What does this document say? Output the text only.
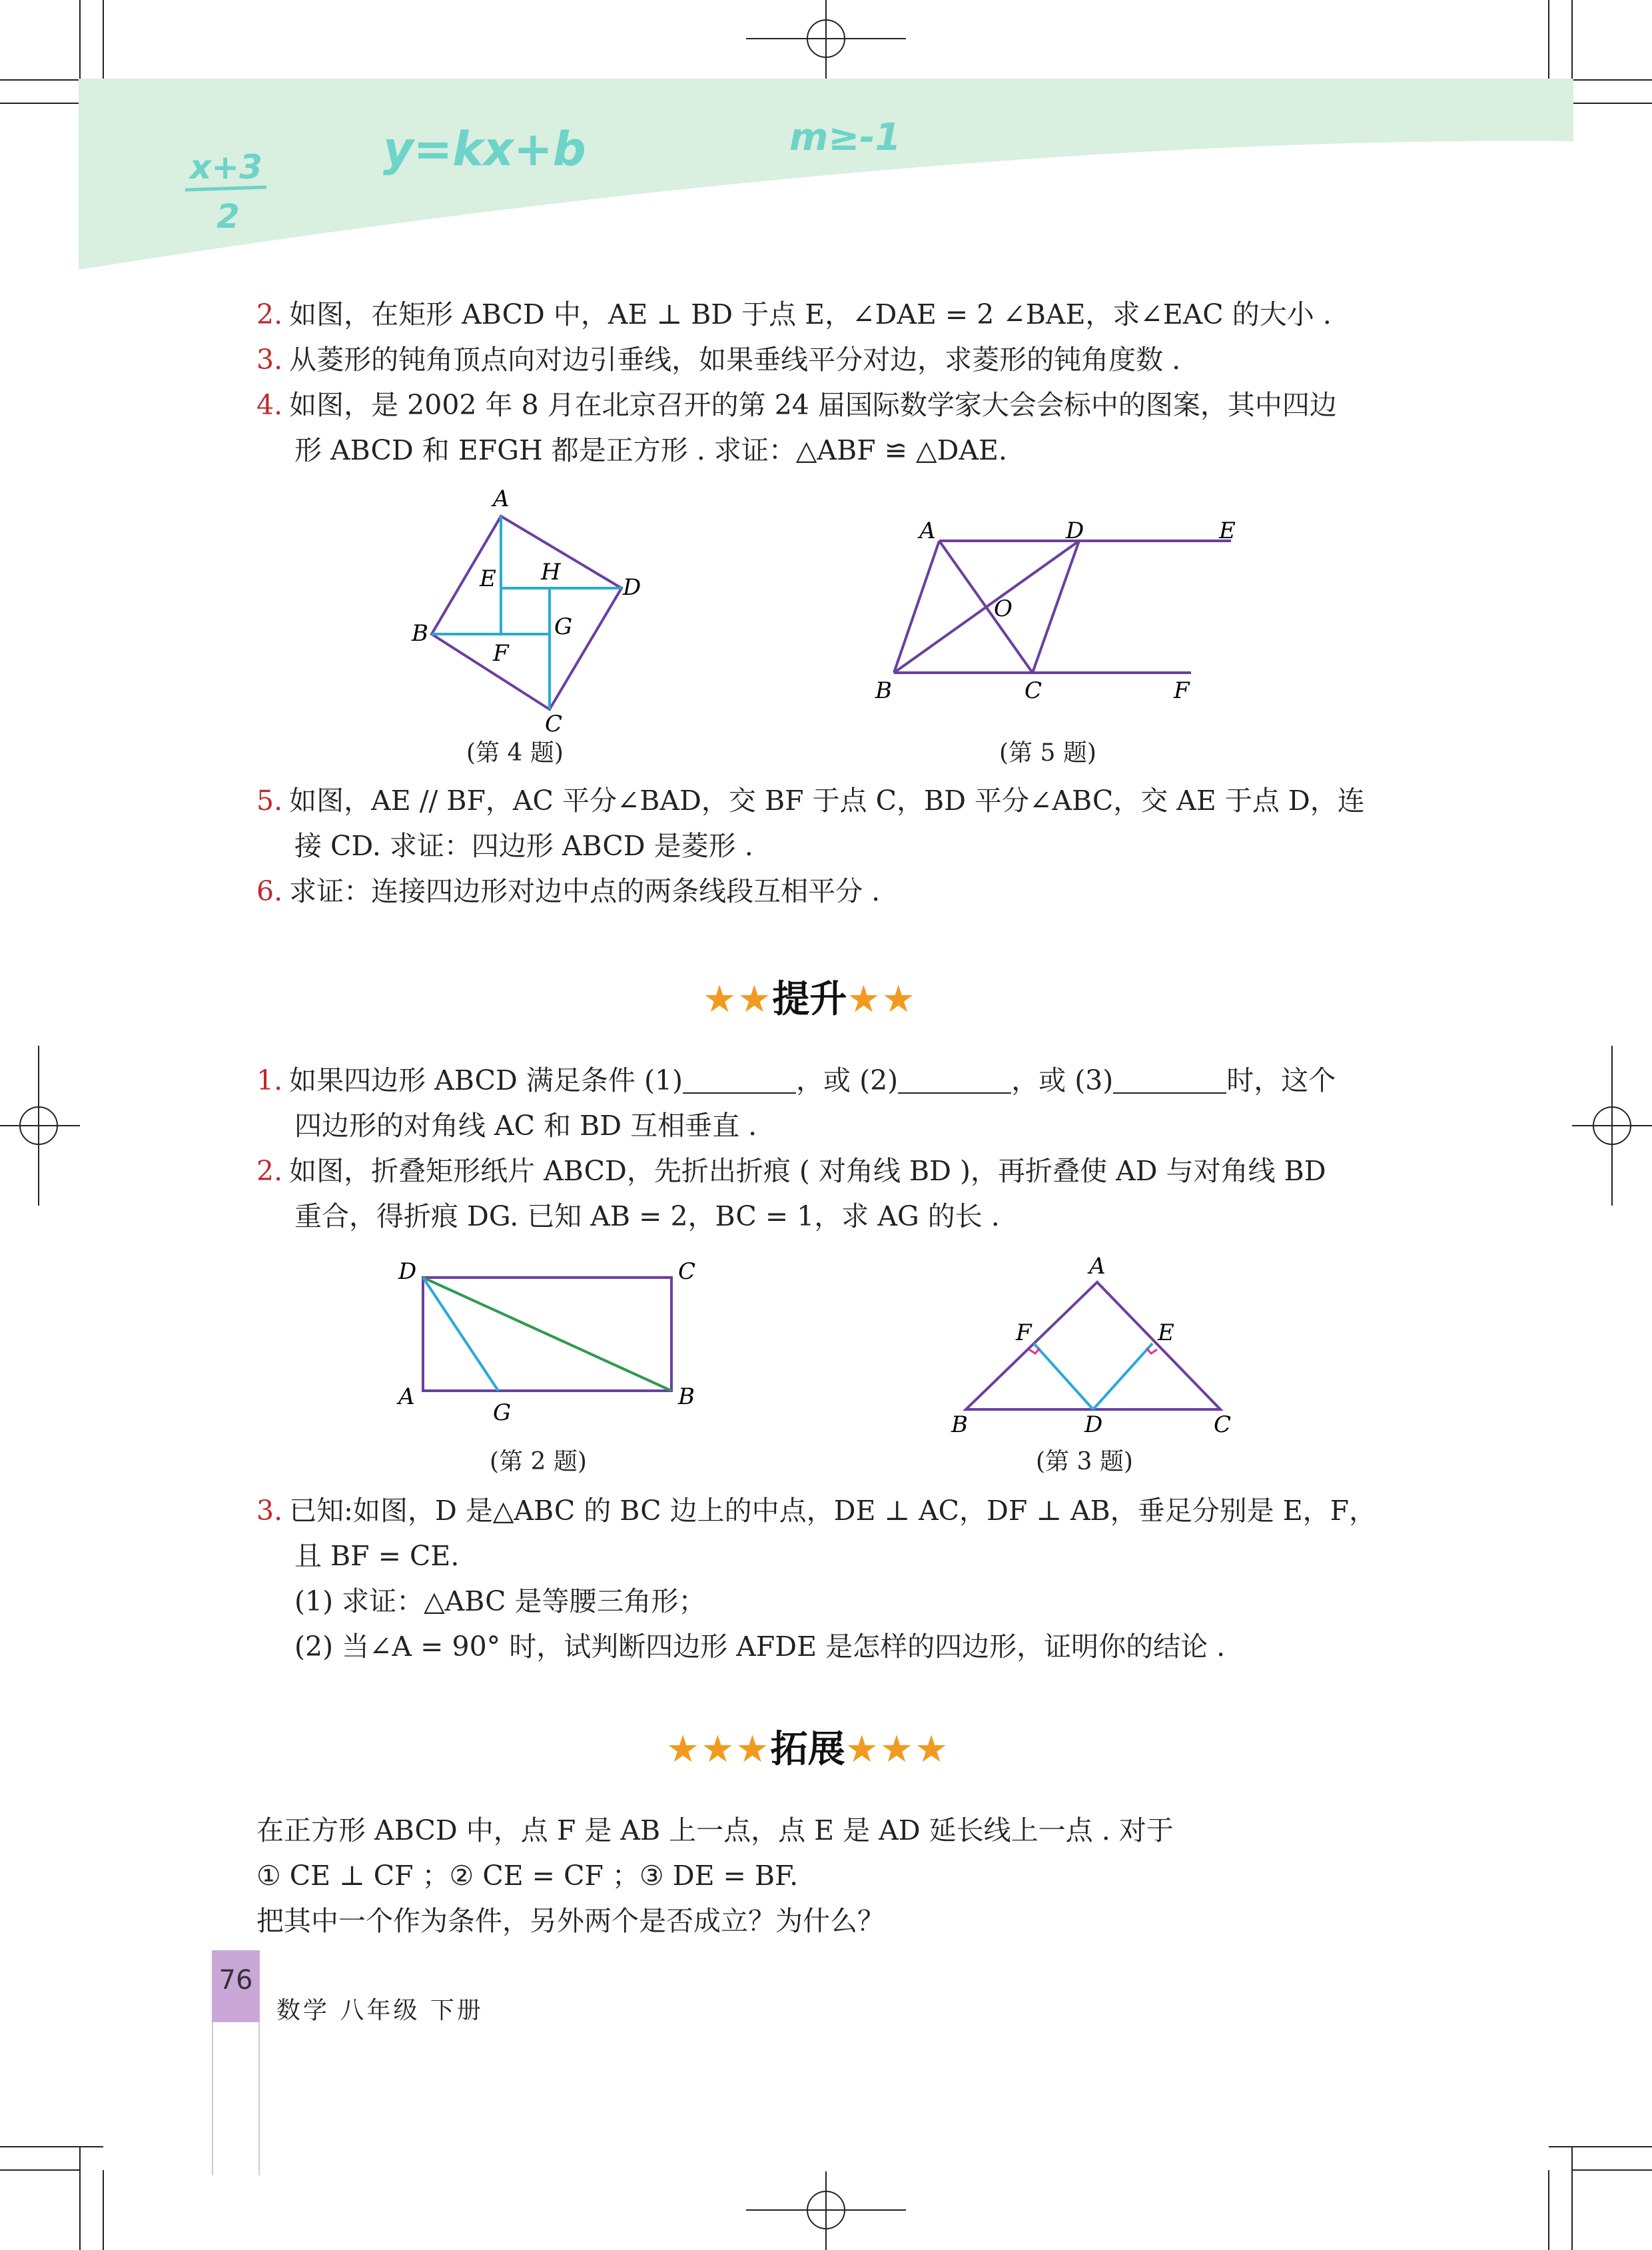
x+3
2
y=kx+b	m≥-1
2. 如图，在矩形 ABCD 中，AE ⊥ BD 于点 E，∠DAE = 2 ∠BAE，求∠EAC 的大小 .
3. 从菱形的钝角顶点向对边引垂线，如果垂线平分对边，求菱形的钝角度数 .
4. 如图，是 2002 年 8 月在北京召开的第 24 届国际数学家大会会标中的图案，其中四边
形 ABCD 和 EFGH 都是正方形 . 求证：△ABF ≌ △DAE.
A
B
C
D
E
F
G
H
(第 4 题)
A	D	E
B	C	F
O
(第 5 题)
5. 如图，AE // BF，AC 平分∠BAD，交 BF 于点 C，BD 平分∠ABC，交 AE 于点 D，连
接 CD. 求证：四边形 ABCD 是菱形 .
6. 求证：连接四边形对边中点的两条线段互相平分 .
★★提升★★
1. 如果四边形 ABCD 满足条件 (1)	，或 (2)	，或 (3)	时，这个
四边形的对角线 AC 和 BD 互相垂直 .
2. 如图，折叠矩形纸片 ABCD，先折出折痕 ( 对角线 BD )，再折叠使 AD 与对角线 BD
重合，得折痕 DG. 已知 AB = 2，BC = 1，求 AG 的长 .
D	C
A	B
G
(第 2 题)
A
F	E
B	D	C
(第 3 题)
3. 已知:如图，D 是△ABC 的 BC 边上的中点，DE ⊥ AC，DF ⊥ AB，垂足分别是 E，F，
且 BF = CE.
(1) 求证：△ABC 是等腰三角形；
(2) 当∠A = 90° 时，试判断四边形 AFDE 是怎样的四边形，证明你的结论 .
★★★拓展★★★
在正方形 ABCD 中，点 F 是 AB 上一点，点 E 是 AD 延长线上一点 . 对于
① CE ⊥ CF ；② CE = CF ；③ DE = BF.
把其中一个作为条件，另外两个是否成立？为什么？
76
数学 八年级 下册
